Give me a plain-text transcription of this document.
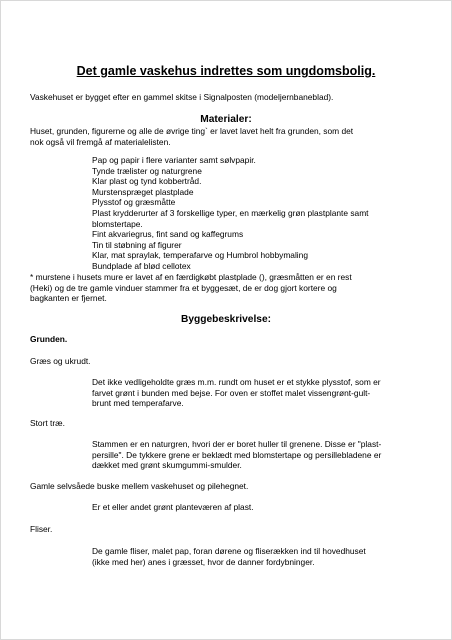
Det gamle vaskehus indrettes som ungdomsbolig.
Vaskehuset er bygget efter en gammel skitse i Signalposten (modeljernbaneblad).
Materialer:
Huset, grunden, figurerne og alle de øvrige ting` er lavet lavet helt fra grunden, som det
nok også vil fremgå af materialelisten.
Pap og papir i flere varianter samt sølvpapir.
Tynde trælister og naturgrene
Klar plast og tynd kobbertråd.
Murstenspræget plastplade
Plysstof og græsmåtte
Plast krydderurter af 3 forskellige typer, en mærkelig grøn plastplante samt
blomstertape.
Fint akvariegrus, fint sand og kaffegrums
Tin til støbning af figurer
Klar, mat spraylak, temperafarve og Humbrol hobbymaling
Bundplade af blød cellotex
* murstene i husets mure er lavet af en færdigkøbt plastplade (), græsmåtten er en rest
(Heki) og de tre gamle vinduer stammer fra et byggesæt, de er dog gjort kortere og
bagkanten er fjernet.
Byggebeskrivelse:
Grunden.
Græs og ukrudt.
Det ikke vedligeholdte græs m.m. rundt om huset er et stykke plysstof, som er
farvet grønt i bunden med bejse. For oven er stoffet malet vissengrønt-gult-
brunt med temperafarve.
Stort træ.
Stammen er en naturgren, hvori der er boret huller til grenene. Disse er "plast-
persille". De tykkere grene er beklædt med blomstertape og persillebladene er
dækket med grønt skumgummi-smulder.
Gamle selvsåede buske mellem vaskehuset og pilehegnet.
Er et eller andet grønt planteværen af plast.
Fliser.
De gamle fliser, malet pap, foran dørene og fliserækken ind til hovedhuset
(ikke med her) anes i græsset, hvor de danner fordybninger.
